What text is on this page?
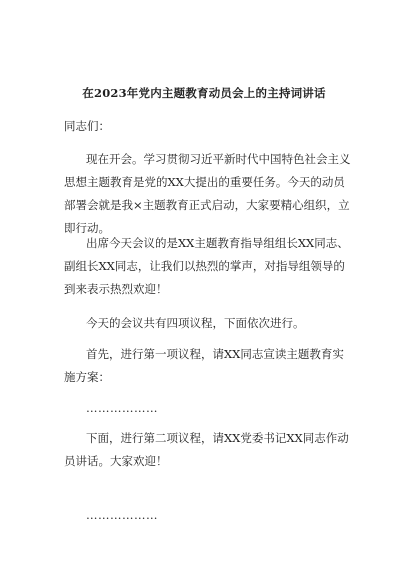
在2023年党内主题教育动员会上的主持词讲话
同志们：
现在开会。学习贯彻习近平新时代中国特色社会主义思想主题教育是党的XX大提出的重要任务。今天的动员部署会就是我×主题教育正式启动，大家要精心组织，立即行动。
出席今天会议的是XX主题教育指导组组长XX同志、副组长XX同志，让我们以热烈的掌声，对指导组领导的到来表示热烈欢迎！
今天的会议共有四项议程，下面依次进行。
首先，进行第一项议程，请XX同志宣读主题教育实施方案：
………………
下面，进行第二项议程，请XX党委书记XX同志作动员讲话。大家欢迎！
………………
